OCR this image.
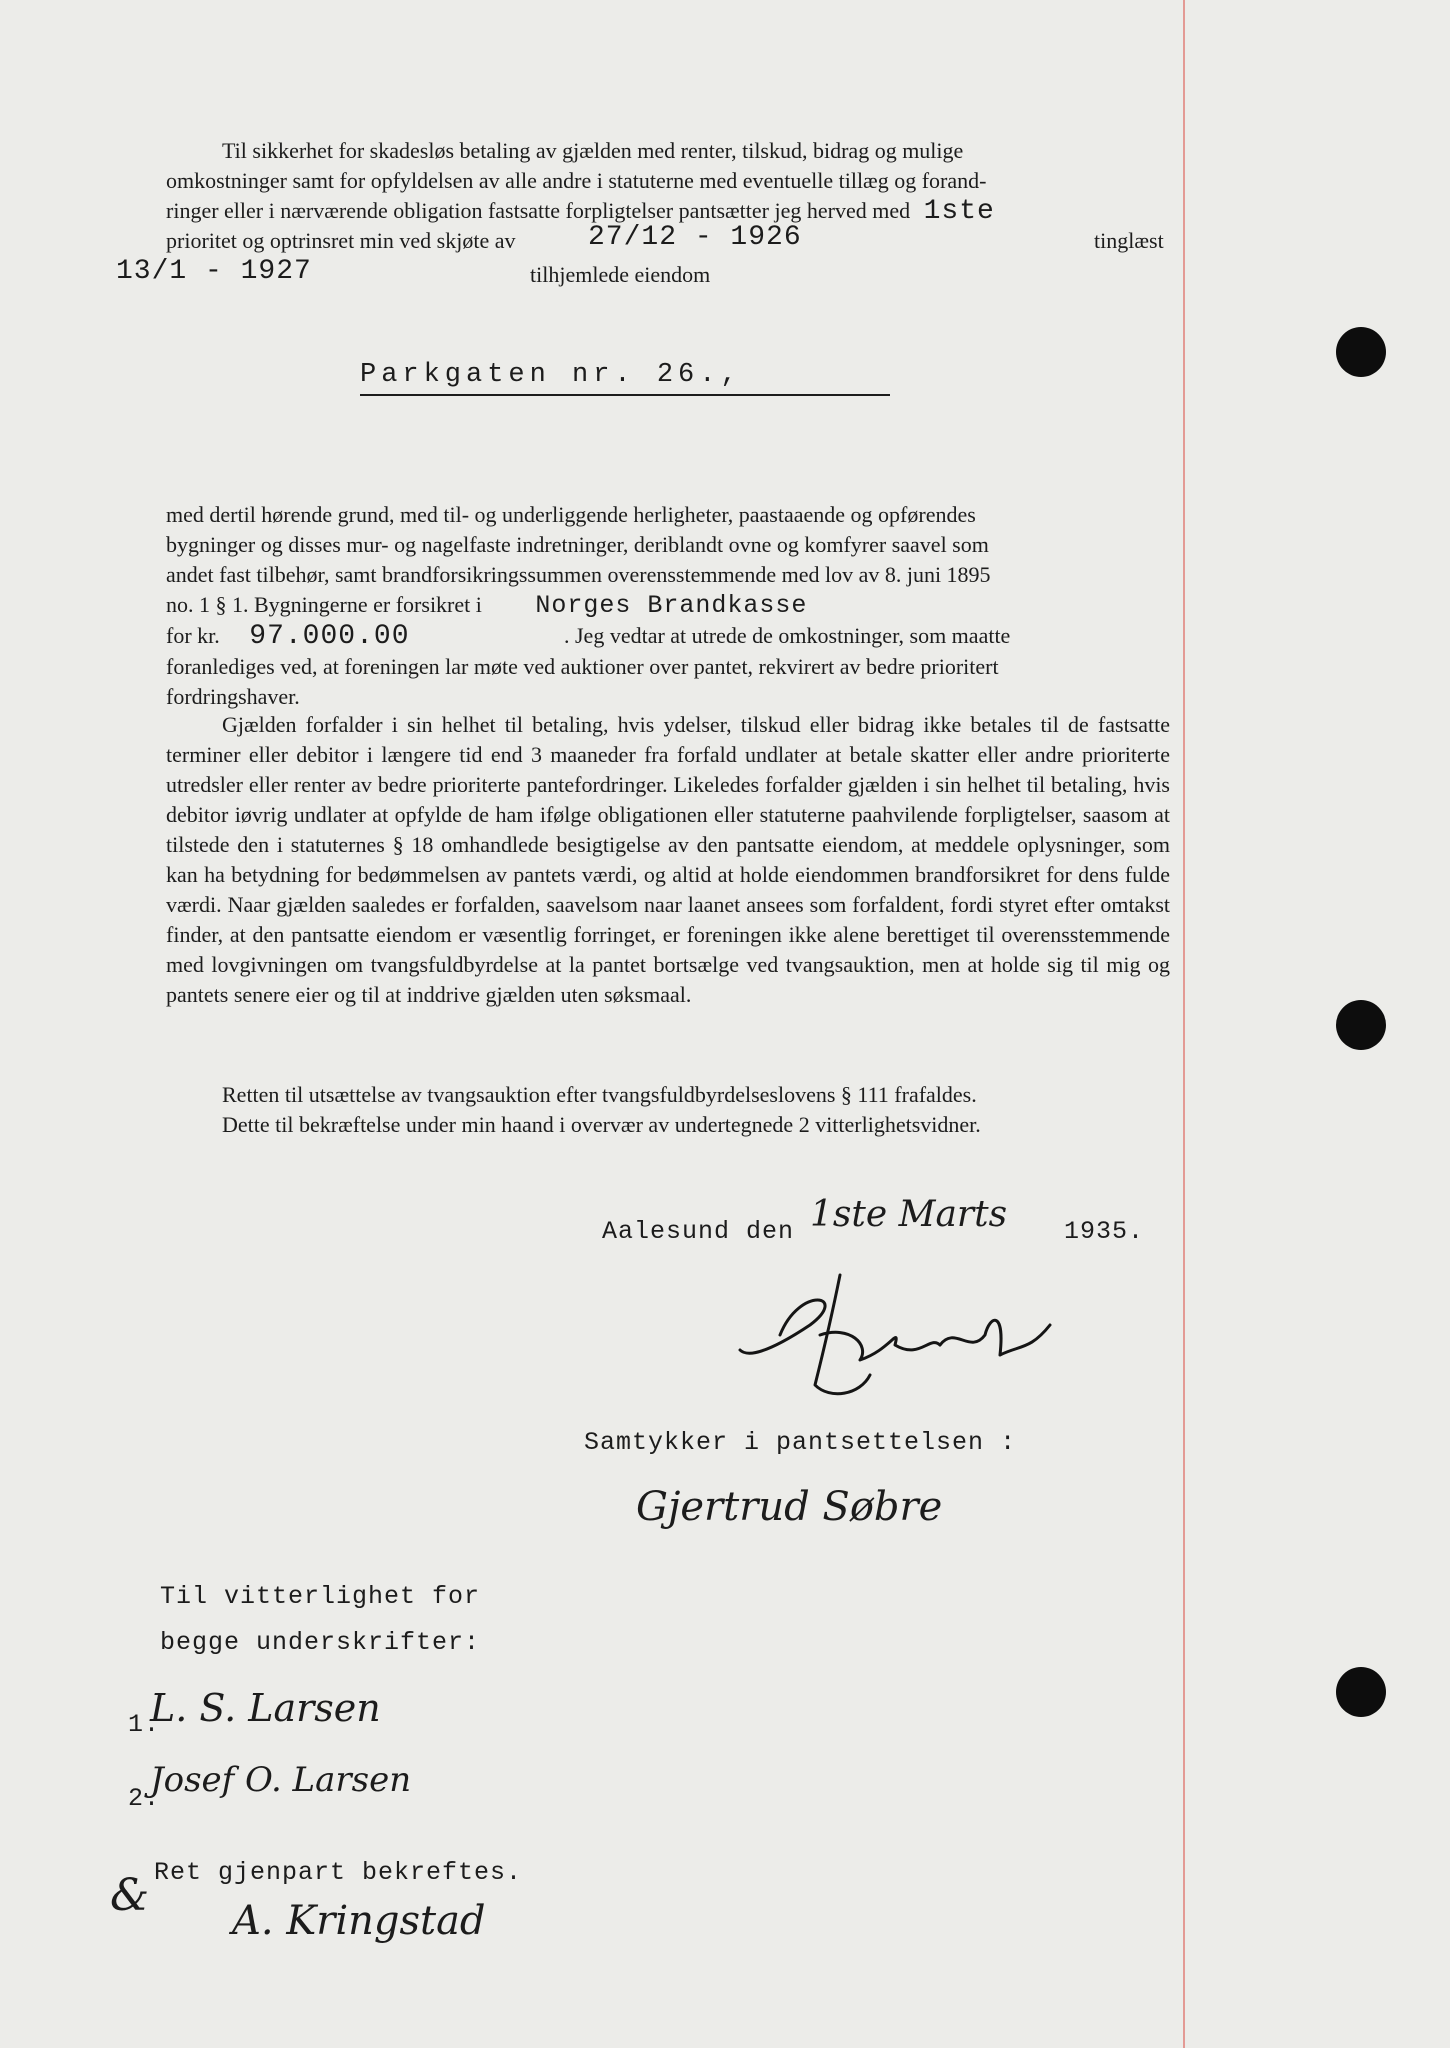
Til sikkerhet for skadesløs betaling av gjælden med renter, tilskud, bidrag og mulige

omkostninger samt for opfyldelsen av alle andre i statuterne med eventuelle tillæg og forand-

ringer eller i nærværende obligation fastsatte forpligtelser pantsætter jeg herved med 1ste

prioritet og optrinsret min ved skjøte av	27/12 - 1926	tinglæst
13/1 - 1927	tilhjemlede eiendom
Parkgaten nr. 26.,

med dertil hørende grund, med til- og underliggende herligheter, paastaaende og opførendes

bygninger og disses mur- og nagelfaste indretninger, deriblandt ovne og komfyrer saavel som

andet fast tilbehør, samt brandforsikringssummen overensstemmende med lov av 8. juni 1895

no. 1 § 1. Bygningerne er forsikret i Norges Brandkasse

for kr. 97.000.00	. Jeg vedtar at utrede de omkostninger, som maatte

foranlediges ved, at foreningen lar møte ved auktioner over pantet, rekvirert av bedre prioritert

fordringshaver.

Gjælden forfalder i sin helhet til betaling, hvis ydelser, tilskud eller bidrag ikke betales til de fastsatte terminer eller debitor i længere tid end 3 maaneder fra forfald undlater at betale skatter eller andre prioriterte utredsler eller renter av bedre prioriterte pantefordringer. Likeledes forfalder gjælden i sin helhet til betaling, hvis debitor iøvrig undlater at opfylde de ham ifølge obligationen eller statuterne paahvilende forpligtelser, saasom at tilstede den i statuternes § 18 omhandlede besigtigelse av den pantsatte eiendom, at meddele oplysninger, som kan ha betydning for bedømmelsen av pantets værdi, og altid at holde eiendommen brandforsikret for dens fulde værdi. Naar gjælden saaledes er forfalden, saavelsom naar laanet ansees som forfaldent, fordi styret efter omtakst finder, at den pantsatte eiendom er væsentlig forringet, er foreningen ikke alene berettiget til overensstemmende med lovgivningen om tvangsfuldbyrdelse at la pantet bortsælge ved tvangsauktion, men at holde sig til mig og pantets senere eier og til at inddrive gjælden uten søksmaal.

Retten til utsættelse av tvangsauktion efter tvangsfuldbyrdelseslovens § 111 frafaldes.

Dette til bekræftelse under min haand i overvær av undertegnede 2 vitterlighetsvidner.

Aalesund den 1ste Marts 1935.
Samtykker i pantsettelsen :
Gjertrud Søbre
Til vitterlighet for
begge underskrifter:
1.
L. S. Larsen
2.
Josef O. Larsen
Ret gjenpart bekreftes.
& A. Kringstad
